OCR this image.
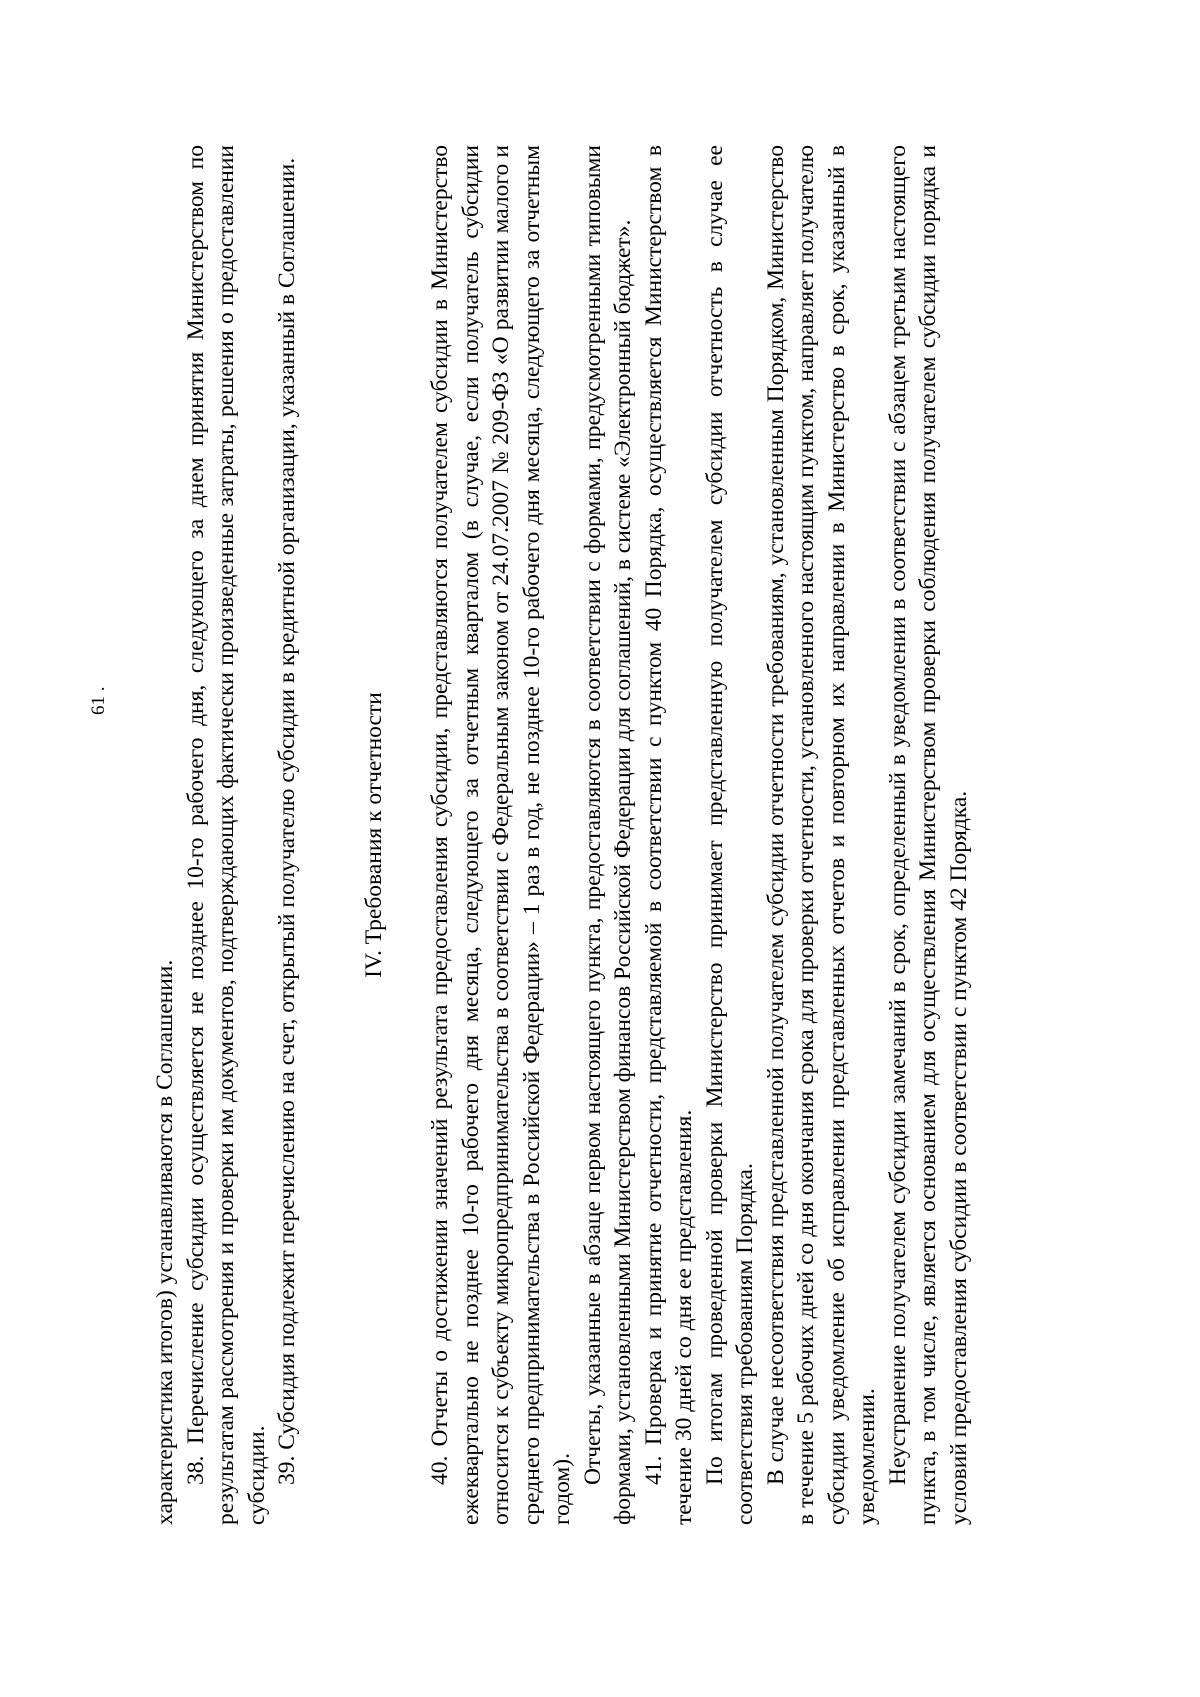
61 .

характеристика итогов) устанавливаются в Соглашении. 38. Перечисление субсидии осуществляется не позднее 10-го рабочего дня, следующего за днем принятия Министерством по результатам рассмотрения и проверки им документов, подтверждающих фактически произведенные затраты, решения о предоставлении субсидии. 39. Субсидия подлежит перечислению на счет, открытый получателю субсидии в кредитной организации, указанный в Соглашении.	IV. Требования к отчетности 40. Отчеты о достижении значений результата предоставления субсидии, представляются получателем субсидии в Министерство ежеквартально не позднее 10-го рабочего дня месяца, следующего за отчетным кварталом (в случае, если получатель субсидии относится к субъекту микропредпринимательства в соответствии с Федеральным законом от 24.07.2007 № 209-ФЗ «О развитии малого и среднего предпринимательства в Российской Федерации» – 1 раз в год, не позднее 10-го рабочего дня месяца, следующего за отчетным годом).

Отчеты, указанные в абзаце первом настоящего пункта, предоставляются в соответствии с формами, предусмотренными типовыми формами, установленными Министерством финансов Российской Федерации для соглашений, в системе «Электронный бюджет». 41. Проверка и принятие отчетности, представляемой в соответствии с пунктом 40 Порядка, осуществляется Министерством в течение 30 дней со дня ее представления. По итогам проведенной проверки Министерство принимает представленную получателем субсидии отчетность в случае ее соответствия требованиям Порядка. В случае несоответствия представленной получателем субсидии отчетности требованиям, установленным Порядком, Министерство в течение 5 рабочих дней со дня окончания срока для проверки отчетности, установленного настоящим пунктом, направляет получателю субсидии уведомление об исправлении представленных отчетов и повторном их направлении в Министерство в срок, указанный в уведомлении. Неустранение получателем субсидии замечаний в срок, определенный в уведомлении в соответствии с абзацем третьим настоящего пункта, в том числе, является основанием для осуществления Министерством проверки соблюдения получателем субсидии порядка и условий предоставления субсидии в соответствии с пунктом 42 Порядка.
